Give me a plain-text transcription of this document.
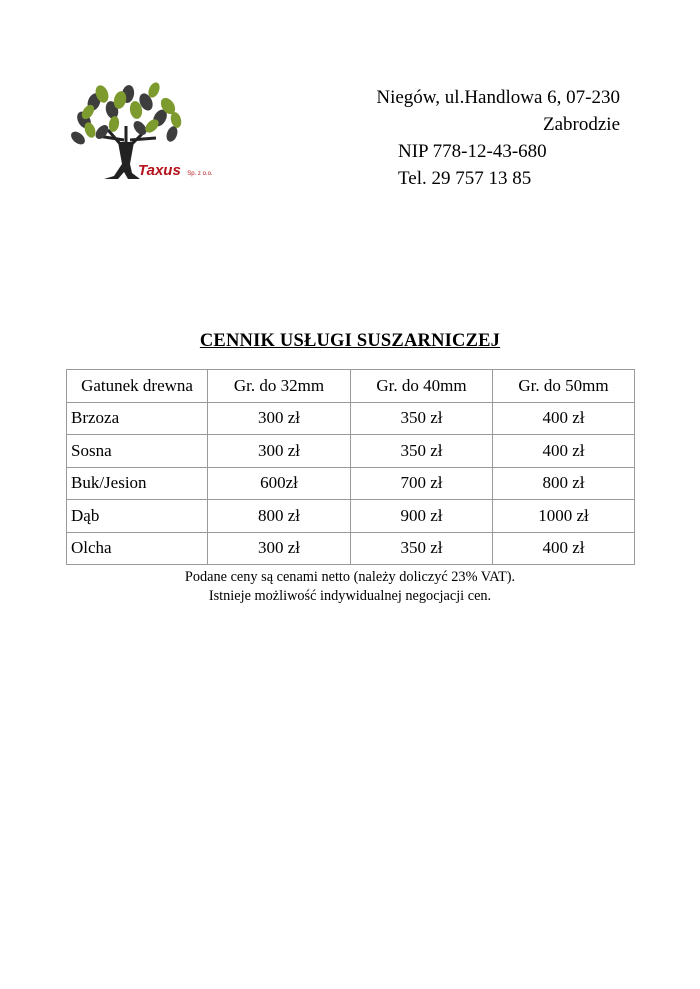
Taxus Sp. z o.o.
Niegów, ul.Handlowa 6, 07-230
Zabrodzie
NIP 778-12-43-680
Tel. 29 757 13 85
CENNIK USŁUGI SUSZARNICZEJ
Gatunek drewna	Gr. do 32mm	Gr. do 40mm	Gr. do 50mm
Brzoza	300 zł	350 zł	400 zł
Sosna	300 zł	350 zł	400 zł
Buk/Jesion	600zł	700 zł	800 zł
Dąb	800 zł	900 zł	1000 zł
Olcha	300 zł	350 zł	400 zł
Podane ceny są cenami netto (należy doliczyć 23% VAT).
Istnieje możliwość indywidualnej negocjacji cen.
